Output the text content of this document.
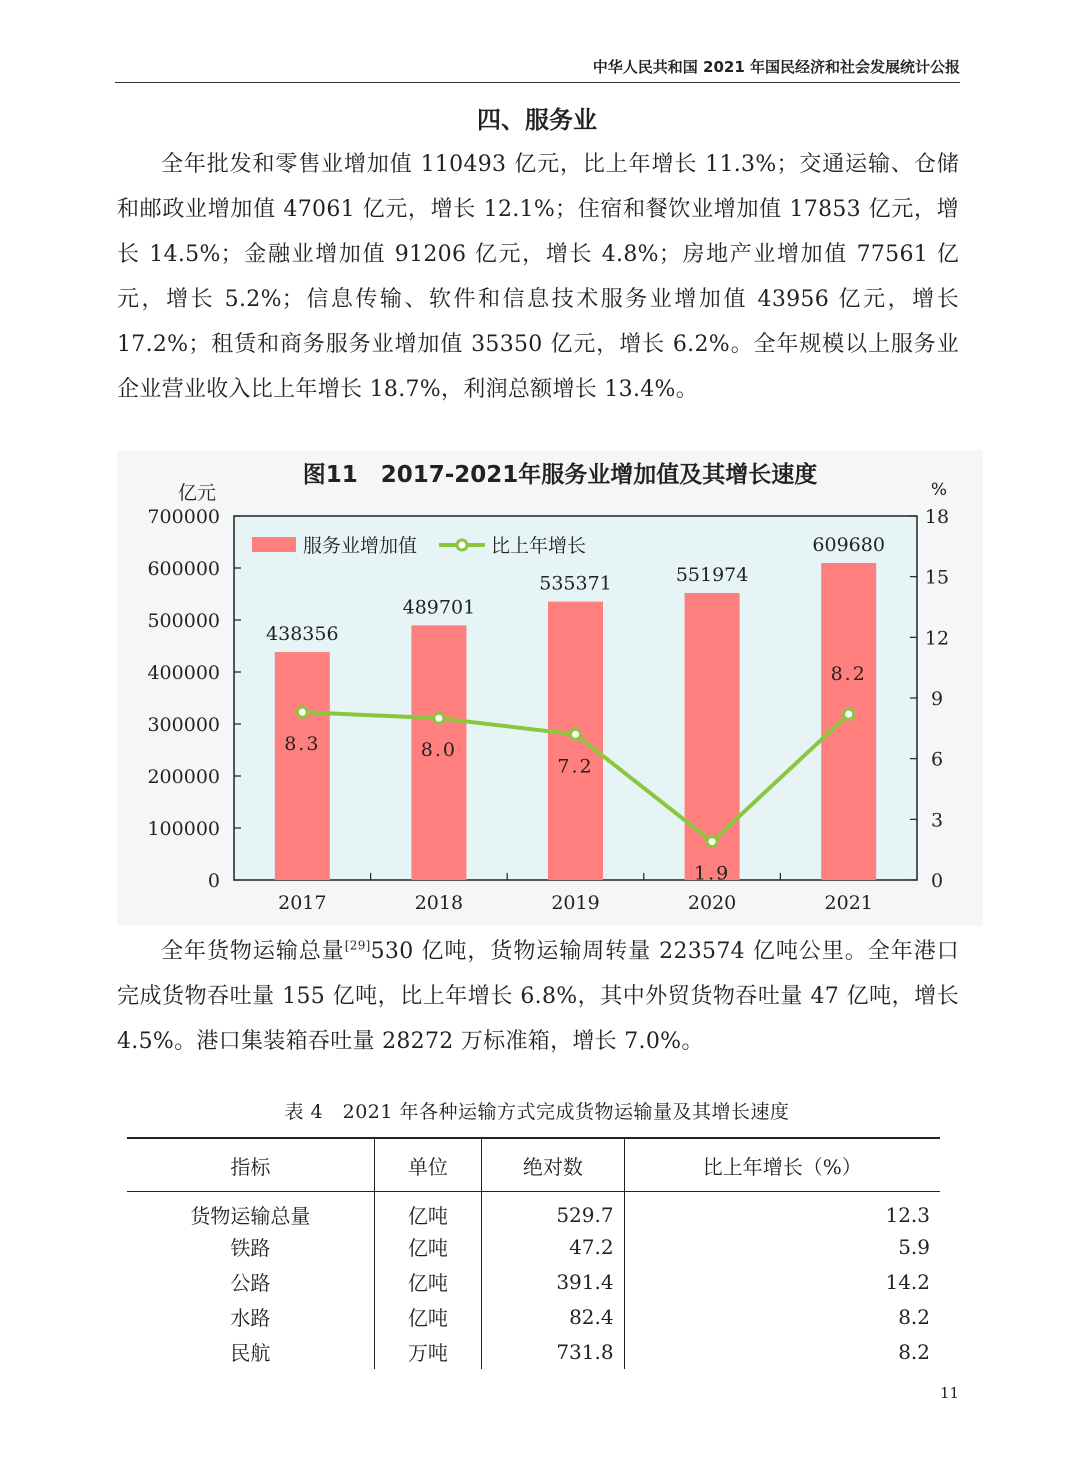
中华人民共和国 2021 年国民经济和社会发展统计公报
四、服务业

全年批发和零售业增加值 110493 亿元，比上年增长 11.3%；交通运输、仓储和邮政业增加值 47061 亿元，增长 12.1%；住宿和餐饮业增加值 17853 亿元，增长 14.5%；金融业增加值 91206 亿元，增长 4.8%；房地产业增加值 77561 亿元，增长 5.2%；信息传输、软件和信息技术服务业增加值 43956 亿元，增长 17.2%；租赁和商务服务业增加值 35350 亿元，增长 6.2%。全年规模以上服务业企业营业收入比上年增长 18.7%，利润总额增长 13.4%。

图11　2017-2021年服务业增加值及其增长速度
亿元	%
0
100000
200000
300000
400000
500000
600000
700000
0
3
6
9
12
15
18
2017
438356
2018
489701
2019
535371
2020
551974
2021
609680
8.3	8.0
7.2
1.9
8.2
服务业增加值	比上年增长

全年货物运输总量[29]530 亿吨，货物运输周转量 223574 亿吨公里。全年港口完成货物吞吐量 155 亿吨，比上年增长 6.8%，其中外贸货物吞吐量 47 亿吨，增长 4.5%。港口集装箱吞吐量 28272 万标准箱，增长 7.0%。

表 4　2021 年各种运输方式完成货物运输量及其增长速度
指标	单位	绝对数	比上年增长（%）
货物运输总量	亿吨	529.7	12.3
铁路	亿吨	47.2	5.9
公路	亿吨	391.4	14.2
水路	亿吨	82.4	8.2
民航	万吨	731.8	8.2
11
